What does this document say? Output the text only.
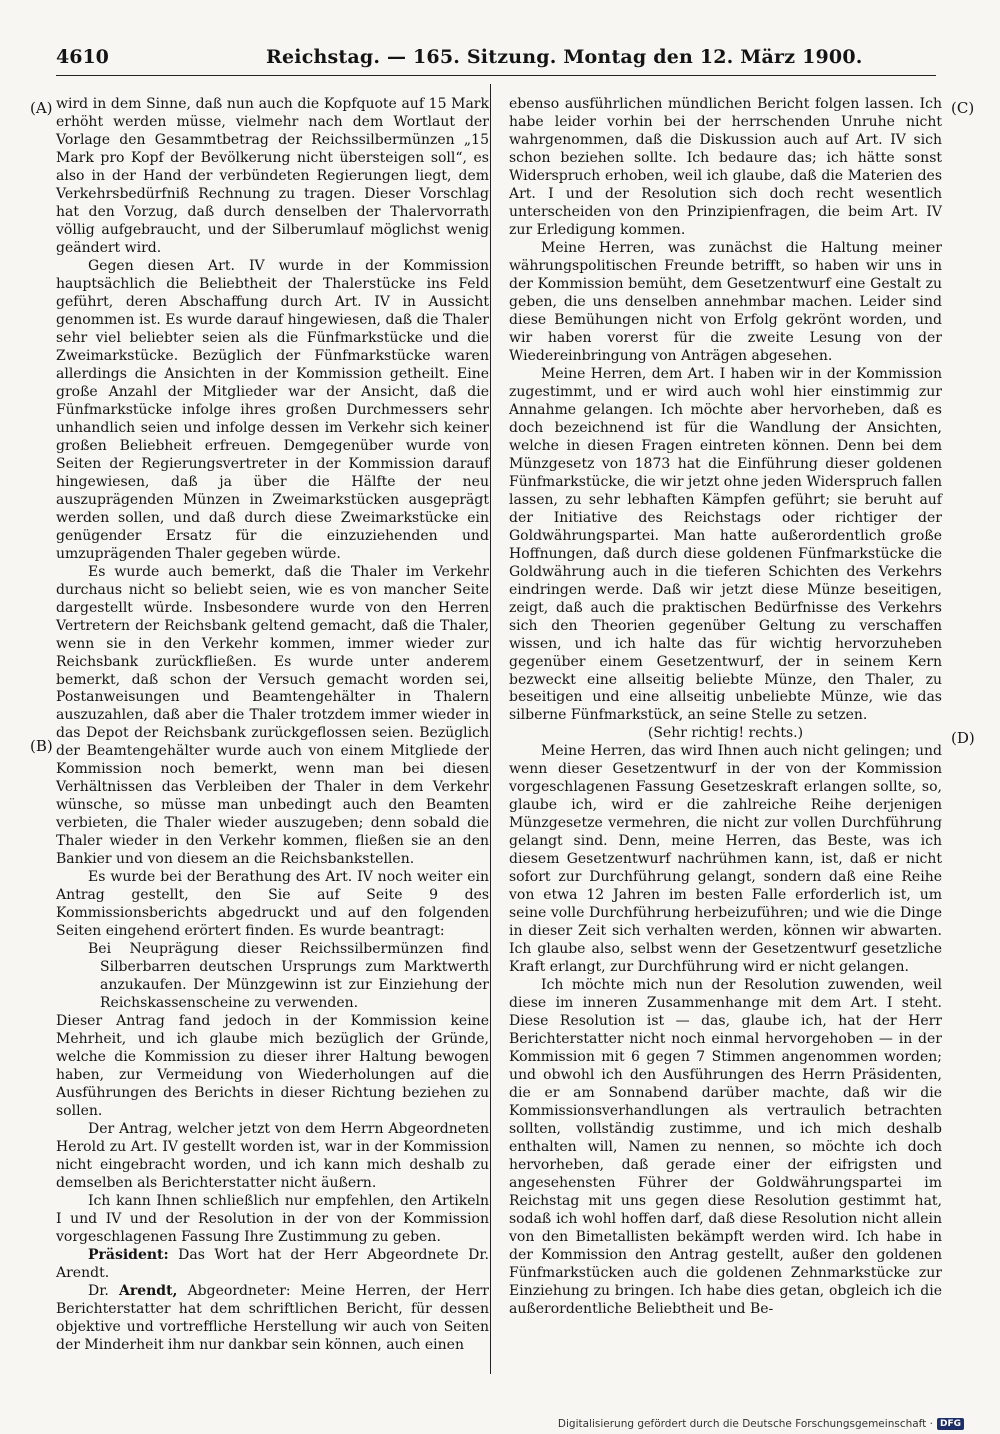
4610	Reichstag. — 165. Sitzung. Montag den 12. März 1900.
(A)
(B)
(C)
(D)

wird in dem Sinne, daß nun auch die Kopfquote auf 15 Mark erhöht werden müsse, vielmehr nach dem Wortlaut der Vorlage den Gesammtbetrag der Reichssilbermünzen „15 Mark pro Kopf der Bevölkerung nicht übersteigen soll“, es also in der Hand der verbündeten Regierungen liegt, dem Verkehrsbedürfniß Rechnung zu tragen. Dieser Vorschlag hat den Vorzug, daß durch denselben der Thalervorrath völlig aufgebraucht, und der Silberumlauf möglichst wenig geändert wird.

Gegen diesen Art. IV wurde in der Kommission hauptsächlich die Beliebtheit der Thalerstücke ins Feld geführt, deren Abschaffung durch Art. IV in Aussicht genommen ist. Es wurde darauf hingewiesen, daß die Thaler sehr viel beliebter seien als die Fünfmarkstücke und die Zweimarkstücke. Bezüglich der Fünfmarkstücke waren allerdings die Ansichten in der Kommission getheilt. Eine große Anzahl der Mitglieder war der Ansicht, daß die Fünfmarkstücke infolge ihres großen Durchmessers sehr unhandlich seien und infolge dessen im Verkehr sich keiner großen Beliebheit erfreuen. Demgegenüber wurde von Seiten der Regierungsvertreter in der Kommission darauf hingewiesen, daß ja über die Hälfte der neu auszuprägenden Münzen in Zweimarkstücken ausgeprägt werden sollen, und daß durch diese Zweimarkstücke ein genügender Ersatz für die einzuziehenden und umzuprägenden Thaler gegeben würde.

Es wurde auch bemerkt, daß die Thaler im Verkehr durchaus nicht so beliebt seien, wie es von mancher Seite dargestellt würde. Insbesondere wurde von den Herren Vertretern der Reichsbank geltend gemacht, daß die Thaler, wenn sie in den Verkehr kommen, immer wieder zur Reichsbank zurückfließen. Es wurde unter anderem bemerkt, daß schon der Versuch gemacht worden sei, Postanweisungen und Beamtengehälter in Thalern auszuzahlen, daß aber die Thaler trotzdem immer wieder in das Depot der Reichsbank zurückgeflossen seien. Bezüglich der Beamtengehälter wurde auch von einem Mitgliede der Kommission noch bemerkt, wenn man bei diesen Verhältnissen das Verbleiben der Thaler in dem Verkehr wünsche, so müsse man unbedingt auch den Beamten verbieten, die Thaler wieder auszugeben; denn sobald die Thaler wieder in den Verkehr kommen, fließen sie an den Bankier und von diesem an die Reichsbankstellen.

Es wurde bei der Berathung des Art. IV noch weiter ein Antrag gestellt, den Sie auf Seite 9 des Kommissionsberichts abgedruckt und auf den folgenden Seiten eingehend erörtert finden. Es wurde beantragt:

Bei Neuprägung dieser Reichssilbermünzen find Silberbarren deutschen Ursprungs zum Marktwerth anzukaufen. Der Münzgewinn ist zur Einziehung der Reichskassenscheine zu verwenden.

Dieser Antrag fand jedoch in der Kommission keine Mehrheit, und ich glaube mich bezüglich der Gründe, welche die Kommission zu dieser ihrer Haltung bewogen haben, zur Vermeidung von Wiederholungen auf die Ausführungen des Berichts in dieser Richtung beziehen zu sollen.

Der Antrag, welcher jetzt von dem Herrn Abgeordneten Herold zu Art. IV gestellt worden ist, war in der Kommission nicht eingebracht worden, und ich kann mich deshalb zu demselben als Berichterstatter nicht äußern.

Ich kann Ihnen schließlich nur empfehlen, den Artikeln I und IV und der Resolution in der von der Kommission vorgeschlagenen Fassung Ihre Zustimmung zu geben.

Präsident: Das Wort hat der Herr Abgeordnete Dr. Arendt.

Dr. Arendt, Abgeordneter: Meine Herren, der Herr Berichterstatter hat dem schriftlichen Bericht, für dessen objektive und vortreffliche Herstellung wir auch von Seiten der Minderheit ihm nur dankbar sein können, auch einen

ebenso ausführlichen mündlichen Bericht folgen lassen. Ich habe leider vorhin bei der herrschenden Unruhe nicht wahrgenommen, daß die Diskussion auch auf Art. IV sich schon beziehen sollte. Ich bedaure das; ich hätte sonst Widerspruch erhoben, weil ich glaube, daß die Materien des Art. I und der Resolution sich doch recht wesentlich unterscheiden von den Prinzipienfragen, die beim Art. IV zur Erledigung kommen.

Meine Herren, was zunächst die Haltung meiner währungspolitischen Freunde betrifft, so haben wir uns in der Kommission bemüht, dem Gesetzentwurf eine Gestalt zu geben, die uns denselben annehmbar machen. Leider sind diese Bemühungen nicht von Erfolg gekrönt worden, und wir haben vorerst für die zweite Lesung von der Wiedereinbringung von Anträgen abgesehen.

Meine Herren, dem Art. I haben wir in der Kommission zugestimmt, und er wird auch wohl hier einstimmig zur Annahme gelangen. Ich möchte aber hervorheben, daß es doch bezeichnend ist für die Wandlung der Ansichten, welche in diesen Fragen eintreten können. Denn bei dem Münzgesetz von 1873 hat die Einführung dieser goldenen Fünfmarkstücke, die wir jetzt ohne jeden Widerspruch fallen lassen, zu sehr lebhaften Kämpfen geführt; sie beruht auf der Initiative des Reichstags oder richtiger der Goldwährungspartei. Man hatte außerordentlich große Hoffnungen, daß durch diese goldenen Fünfmarkstücke die Goldwährung auch in die tieferen Schichten des Verkehrs eindringen werde. Daß wir jetzt diese Münze beseitigen, zeigt, daß auch die praktischen Bedürfnisse des Verkehrs sich den Theorien gegenüber Geltung zu verschaffen wissen, und ich halte das für wichtig hervorzuheben gegenüber einem Gesetzentwurf, der in seinem Kern bezweckt eine allseitig beliebte Münze, den Thaler, zu beseitigen und eine allseitig unbeliebte Münze, wie das silberne Fünfmarkstück, an seine Stelle zu setzen.

(Sehr richtig! rechts.)

Meine Herren, das wird Ihnen auch nicht gelingen; und wenn dieser Gesetzentwurf in der von der Kommission vorgeschlagenen Fassung Gesetzeskraft erlangen sollte, so, glaube ich, wird er die zahlreiche Reihe derjenigen Münzgesetze vermehren, die nicht zur vollen Durchführung gelangt sind. Denn, meine Herren, das Beste, was ich diesem Gesetzentwurf nachrühmen kann, ist, daß er nicht sofort zur Durchführung gelangt, sondern daß eine Reihe von etwa 12 Jahren im besten Falle erforderlich ist, um seine volle Durchführung herbeizuführen; und wie die Dinge in dieser Zeit sich verhalten werden, können wir abwarten. Ich glaube also, selbst wenn der Gesetzentwurf gesetzliche Kraft erlangt, zur Durchführung wird er nicht gelangen.

Ich möchte mich nun der Resolution zuwenden, weil diese im inneren Zusammenhange mit dem Art. I steht. Diese Resolution ist — das, glaube ich, hat der Herr Berichterstatter nicht noch einmal hervorgehoben — in der Kommission mit 6 gegen 7 Stimmen angenommen worden; und obwohl ich den Ausführungen des Herrn Präsidenten, die er am Sonnabend darüber machte, daß wir die Kommissionsverhandlungen als vertraulich betrachten sollten, vollständig zustimme, und ich mich deshalb enthalten will, Namen zu nennen, so möchte ich doch hervorheben, daß gerade einer der eifrigsten und angesehensten Führer der Goldwährungspartei im Reichstag mit uns gegen diese Resolution gestimmt hat, sodaß ich wohl hoffen darf, daß diese Resolution nicht allein von den Bimetallisten bekämpft werden wird. Ich habe in der Kommission den Antrag gestellt, außer den goldenen Fünfmarkstücken auch die goldenen Zehnmarkstücke zur Einziehung zu bringen. Ich habe dies getan, obgleich ich die außerordentliche Beliebtheit und Be-

Digitalisierung gefördert durch die Deutsche Forschungsgemeinschaft · DFG
